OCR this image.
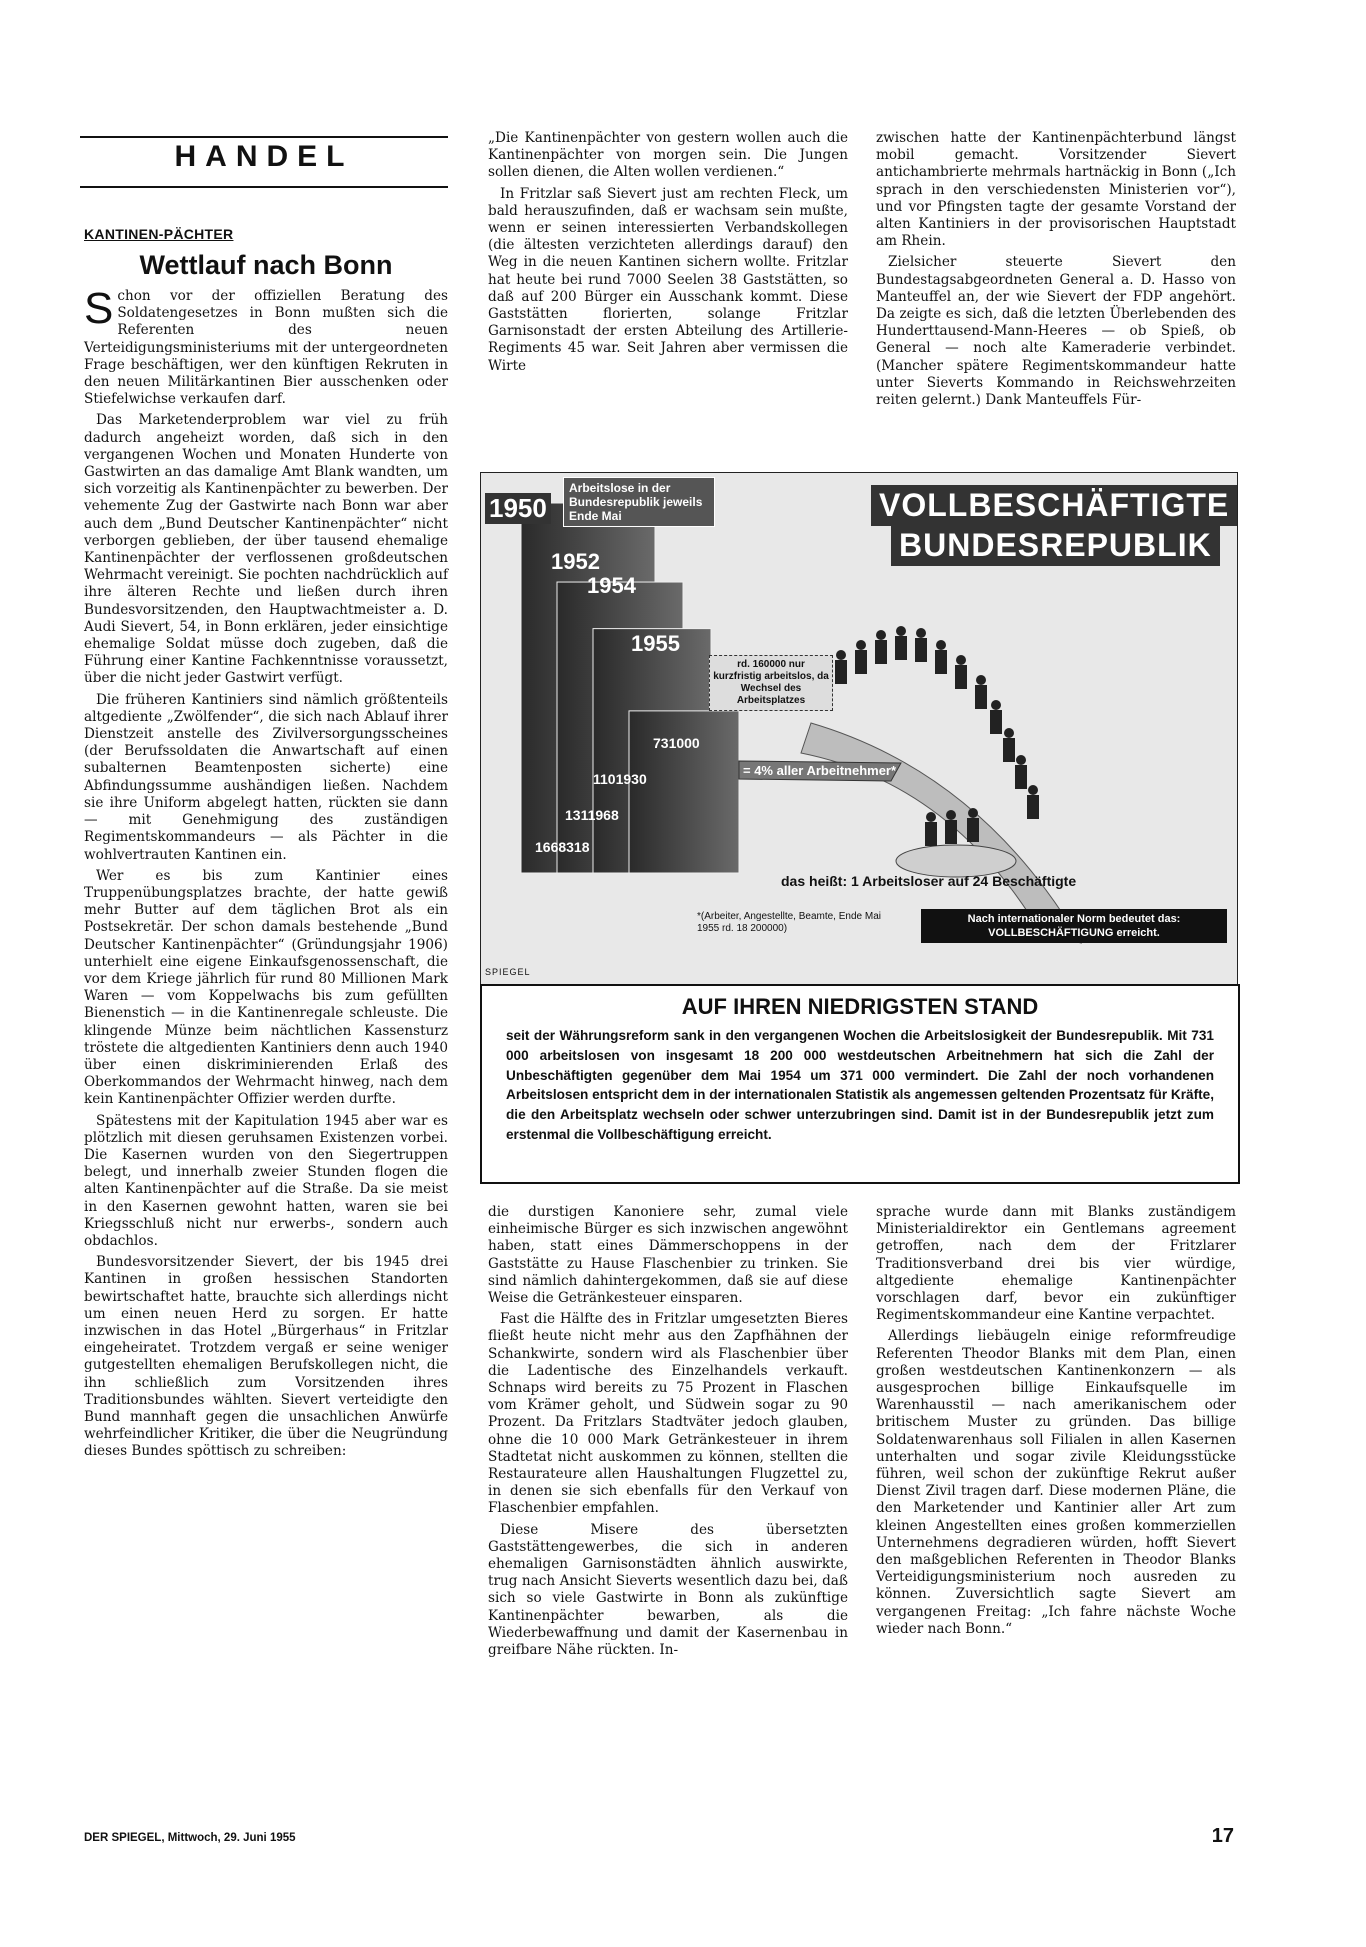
HANDEL
KANTINEN-PÄCHTER
Wettlauf nach Bonn

Schon vor der offiziellen Beratung des Soldatengesetzes in Bonn mußten sich die Referenten des neuen Verteidigungsministeriums mit der untergeordneten Frage beschäftigen, wer den künftigen Rekruten in den neuen Militärkantinen Bier ausschenken oder Stiefelwichse verkaufen darf.

Das Marketenderproblem war viel zu früh dadurch angeheizt worden, daß sich in den vergangenen Wochen und Monaten Hunderte von Gastwirten an das damalige Amt Blank wandten, um sich vorzeitig als Kantinenpächter zu bewerben. Der vehemente Zug der Gastwirte nach Bonn war aber auch dem „Bund Deutscher Kantinenpächter“ nicht verborgen geblieben, der über tausend ehemalige Kantinenpächter der verflossenen großdeutschen Wehrmacht vereinigt. Sie pochten nachdrücklich auf ihre älteren Rechte und ließen durch ihren Bundesvorsitzenden, den Hauptwachtmeister a. D. Audi Sievert, 54, in Bonn erklären, jeder einsichtige ehemalige Soldat müsse doch zugeben, daß die Führung einer Kantine Fachkenntnisse voraussetzt, über die nicht jeder Gastwirt verfügt.

Die früheren Kantiniers sind nämlich größtenteils altgediente „Zwölfender“, die sich nach Ablauf ihrer Dienstzeit anstelle des Zivilversorgungsscheines (der Berufssoldaten die Anwartschaft auf einen subalternen Beamtenposten sicherte) eine Abfindungssumme aushändigen ließen. Nachdem sie ihre Uniform abgelegt hatten, rückten sie dann — mit Genehmigung des zuständigen Regimentskommandeurs — als Pächter in die wohlvertrauten Kantinen ein.

Wer es bis zum Kantinier eines Truppenübungsplatzes brachte, der hatte gewiß mehr Butter auf dem täglichen Brot als ein Postsekretär. Der schon damals bestehende „Bund Deutscher Kantinenpächter“ (Gründungsjahr 1906) unterhielt eine eigene Einkaufsgenossenschaft, die vor dem Kriege jährlich für rund 80 Millionen Mark Waren — vom Koppelwachs bis zum gefüllten Bienenstich — in die Kantinenregale schleuste. Die klingende Münze beim nächtlichen Kassensturz tröstete die altgedienten Kantiniers denn auch 1940 über einen diskriminierenden Erlaß des Oberkommandos der Wehrmacht hinweg, nach dem kein Kantinenpächter Offizier werden durfte.

Spätestens mit der Kapitulation 1945 aber war es plötzlich mit diesen geruhsamen Existenzen vorbei. Die Kasernen wurden von den Siegertruppen belegt, und innerhalb zweier Stunden flogen die alten Kantinenpächter auf die Straße. Da sie meist in den Kasernen gewohnt hatten, waren sie bei Kriegsschluß nicht nur erwerbs-, sondern auch obdachlos.

Bundesvorsitzender Sievert, der bis 1945 drei Kantinen in großen hessischen Standorten bewirtschaftet hatte, brauchte sich allerdings nicht um einen neuen Herd zu sorgen. Er hatte inzwischen in das Hotel „Bürgerhaus“ in Fritzlar eingeheiratet. Trotzdem vergaß er seine weniger gutgestellten ehemaligen Berufskollegen nicht, die ihn schließlich zum Vorsitzenden ihres Traditionsbundes wählten. Sievert verteidigte den Bund mannhaft gegen die unsachlichen Anwürfe wehrfeindlicher Kritiker, die über die Neugründung dieses Bundes spöttisch zu schreiben:

„Die Kantinenpächter von gestern wollen auch die Kantinenpächter von morgen sein. Die Jungen sollen dienen, die Alten wollen verdienen.“

In Fritzlar saß Sievert just am rechten Fleck, um bald herauszufinden, daß er wachsam sein mußte, wenn er seinen interessierten Verbandskollegen (die ältesten verzichteten allerdings darauf) den Weg in die neuen Kantinen sichern wollte. Fritzlar hat heute bei rund 7000 Seelen 38 Gaststätten, so daß auf 200 Bürger ein Ausschank kommt. Diese Gaststätten florierten, solange Fritzlar Garnisonstadt der ersten Abteilung des Artillerie-Regiments 45 war. Seit Jahren aber vermissen die Wirte

zwischen hatte der Kantinenpächterbund längst mobil gemacht. Vorsitzender Sievert antichambrierte mehrmals hartnäckig in Bonn („Ich sprach in den verschiedensten Ministerien vor“), und vor Pfingsten tagte der gesamte Vorstand der alten Kantiniers in der provisorischen Hauptstadt am Rhein.

Zielsicher steuerte Sievert den Bundestagsabgeordneten General a. D. Hasso von Manteuffel an, der wie Sievert der FDP angehört. Da zeigte es sich, daß die letzten Überlebenden des Hunderttausend-Mann-Heeres — ob Spieß, ob General — noch alte Kameraderie verbindet. (Mancher spätere Regimentskommandeur hatte unter Sieverts Kommando in Reichswehrzeiten reiten gelernt.) Dank Manteuffels Für-

Arbeitslose in der Bundesrepublik jeweils Ende Mai	VOLLBESCHÄFTIGTE
BUNDESREPUBLIK
1950
1952
1954
1955
rd. 160000 nur kurzfristig arbeitslos, da Wechsel des Arbeitsplatzes
731000
1101930
1311968
1668318
= 4% aller Arbeitnehmer*
das heißt: 1 Arbeitsloser auf 24 Beschäftigte
*(Arbeiter, Angestellte, Beamte, Ende Mai 1955 rd. 18 200000)
Nach internationaler Norm bedeutet das:
VOLLBESCHÄFTIGUNG erreicht.
SPIEGEL
AUF IHREN NIEDRIGSTEN STAND
seit der Währungsreform sank in den vergangenen Wochen die Arbeitslosigkeit der Bundesrepublik. Mit 731 000 arbeitslosen von insgesamt 18 200 000 westdeutschen Arbeitnehmern hat sich die Zahl der Unbeschäftigten gegenüber dem Mai 1954 um 371 000 vermindert. Die Zahl der noch vorhandenen Arbeitslosen entspricht dem in der internationalen Statistik als angemessen geltenden Prozentsatz für Kräfte, die den Arbeitsplatz wechseln oder schwer unterzubringen sind. Damit ist in der Bundesrepublik jetzt zum erstenmal die Vollbeschäftigung erreicht.

die durstigen Kanoniere sehr, zumal viele einheimische Bürger es sich inzwischen angewöhnt haben, statt eines Dämmerschoppens in der Gaststätte zu Hause Flaschenbier zu trinken. Sie sind nämlich dahintergekommen, daß sie auf diese Weise die Getränkesteuer einsparen.

Fast die Hälfte des in Fritzlar umgesetzten Bieres fließt heute nicht mehr aus den Zapfhähnen der Schankwirte, sondern wird als Flaschenbier über die Ladentische des Einzelhandels verkauft. Schnaps wird bereits zu 75 Prozent in Flaschen vom Krämer geholt, und Südwein sogar zu 90 Prozent. Da Fritzlars Stadtväter jedoch glauben, ohne die 10 000 Mark Getränkesteuer in ihrem Stadtetat nicht auskommen zu können, stellten die Restaurateure allen Haushaltungen Flugzettel zu, in denen sie sich ebenfalls für den Verkauf von Flaschenbier empfahlen.

Diese Misere des übersetzten Gaststättengewerbes, die sich in anderen ehemaligen Garnisonstädten ähnlich auswirkte, trug nach Ansicht Sieverts wesentlich dazu bei, daß sich so viele Gastwirte in Bonn als zukünftige Kantinenpächter bewarben, als die Wiederbewaffnung und damit der Kasernenbau in greifbare Nähe rückten. In-

sprache wurde dann mit Blanks zuständigem Ministerialdirektor ein Gentlemans agreement getroffen, nach dem der Fritzlarer Traditionsverband drei bis vier würdige, altgediente ehemalige Kantinenpächter vorschlagen darf, bevor ein zukünftiger Regimentskommandeur eine Kantine verpachtet.

Allerdings liebäugeln einige reformfreudige Referenten Theodor Blanks mit dem Plan, einen großen westdeutschen Kantinenkonzern — als ausgesprochen billige Einkaufsquelle im Warenhausstil — nach amerikanischem oder britischem Muster zu gründen. Das billige Soldatenwarenhaus soll Filialen in allen Kasernen unterhalten und sogar zivile Kleidungsstücke führen, weil schon der zukünftige Rekrut außer Dienst Zivil tragen darf. Diese modernen Pläne, die den Marketender und Kantinier aller Art zum kleinen Angestellten eines großen kommerziellen Unternehmens degradieren würden, hofft Sievert den maßgeblichen Referenten in Theodor Blanks Verteidigungsministerium noch ausreden zu können. Zuversichtlich sagte Sievert am vergangenen Freitag: „Ich fahre nächste Woche wieder nach Bonn.“

DER SPIEGEL, Mittwoch, 29. Juni 1955	17
